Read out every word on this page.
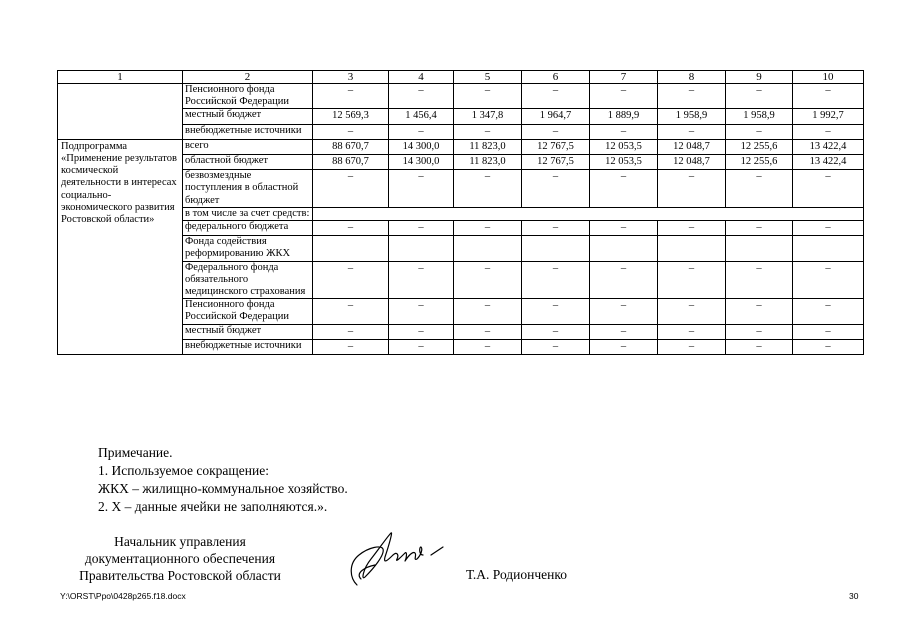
1	2	3	4	5	6	7	8	9	10
	Пенсионного фонда Российской Федерации	–	–	–	–	–	–	–	–
	местный бюджет	12 569,3	1 456,4	1 347,8	1 964,7	1 889,9	1 958,9	1 958,9	1 992,7
	внебюджетные источники	–	–	–	–	–	–	–	–
Подпрограмма «Применение результатов космической деятельности в интересах социально-экономического развития Ростовской области»	всего	88 670,7	14 300,0	11 823,0	12 767,5	12 053,5	12 048,7	12 255,6	13 422,4
	областной бюджет	88 670,7	14 300,0	11 823,0	12 767,5	12 053,5	12 048,7	12 255,6	13 422,4
	безвозмездные поступления в областной бюджет	–	–	–	–	–	–	–	–
	в том числе за счет средств:								
	федерального бюджета	–	–	–	–	–	–	–	–
	Фонда содействия реформированию ЖКХ								
	Федерального фонда обязательного медицинского страхования	–	–	–	–	–	–	–	–
	Пенсионного фонда Российской Федерации	–	–	–	–	–	–	–	–
	местный бюджет	–	–	–	–	–	–	–	–
	внебюджетные источники	–	–	–	–	–	–	–	–
Примечание.
1. Используемое сокращение:
ЖКХ – жилищно-коммунальное хозяйство.
2. Х – данные ячейки не заполняются.».
Начальник управления
документационного обеспечения
Правительства Ростовской области	Т.А. Родионченко
Y:\ORST\Ppo\0428p265.f18.docx	30
